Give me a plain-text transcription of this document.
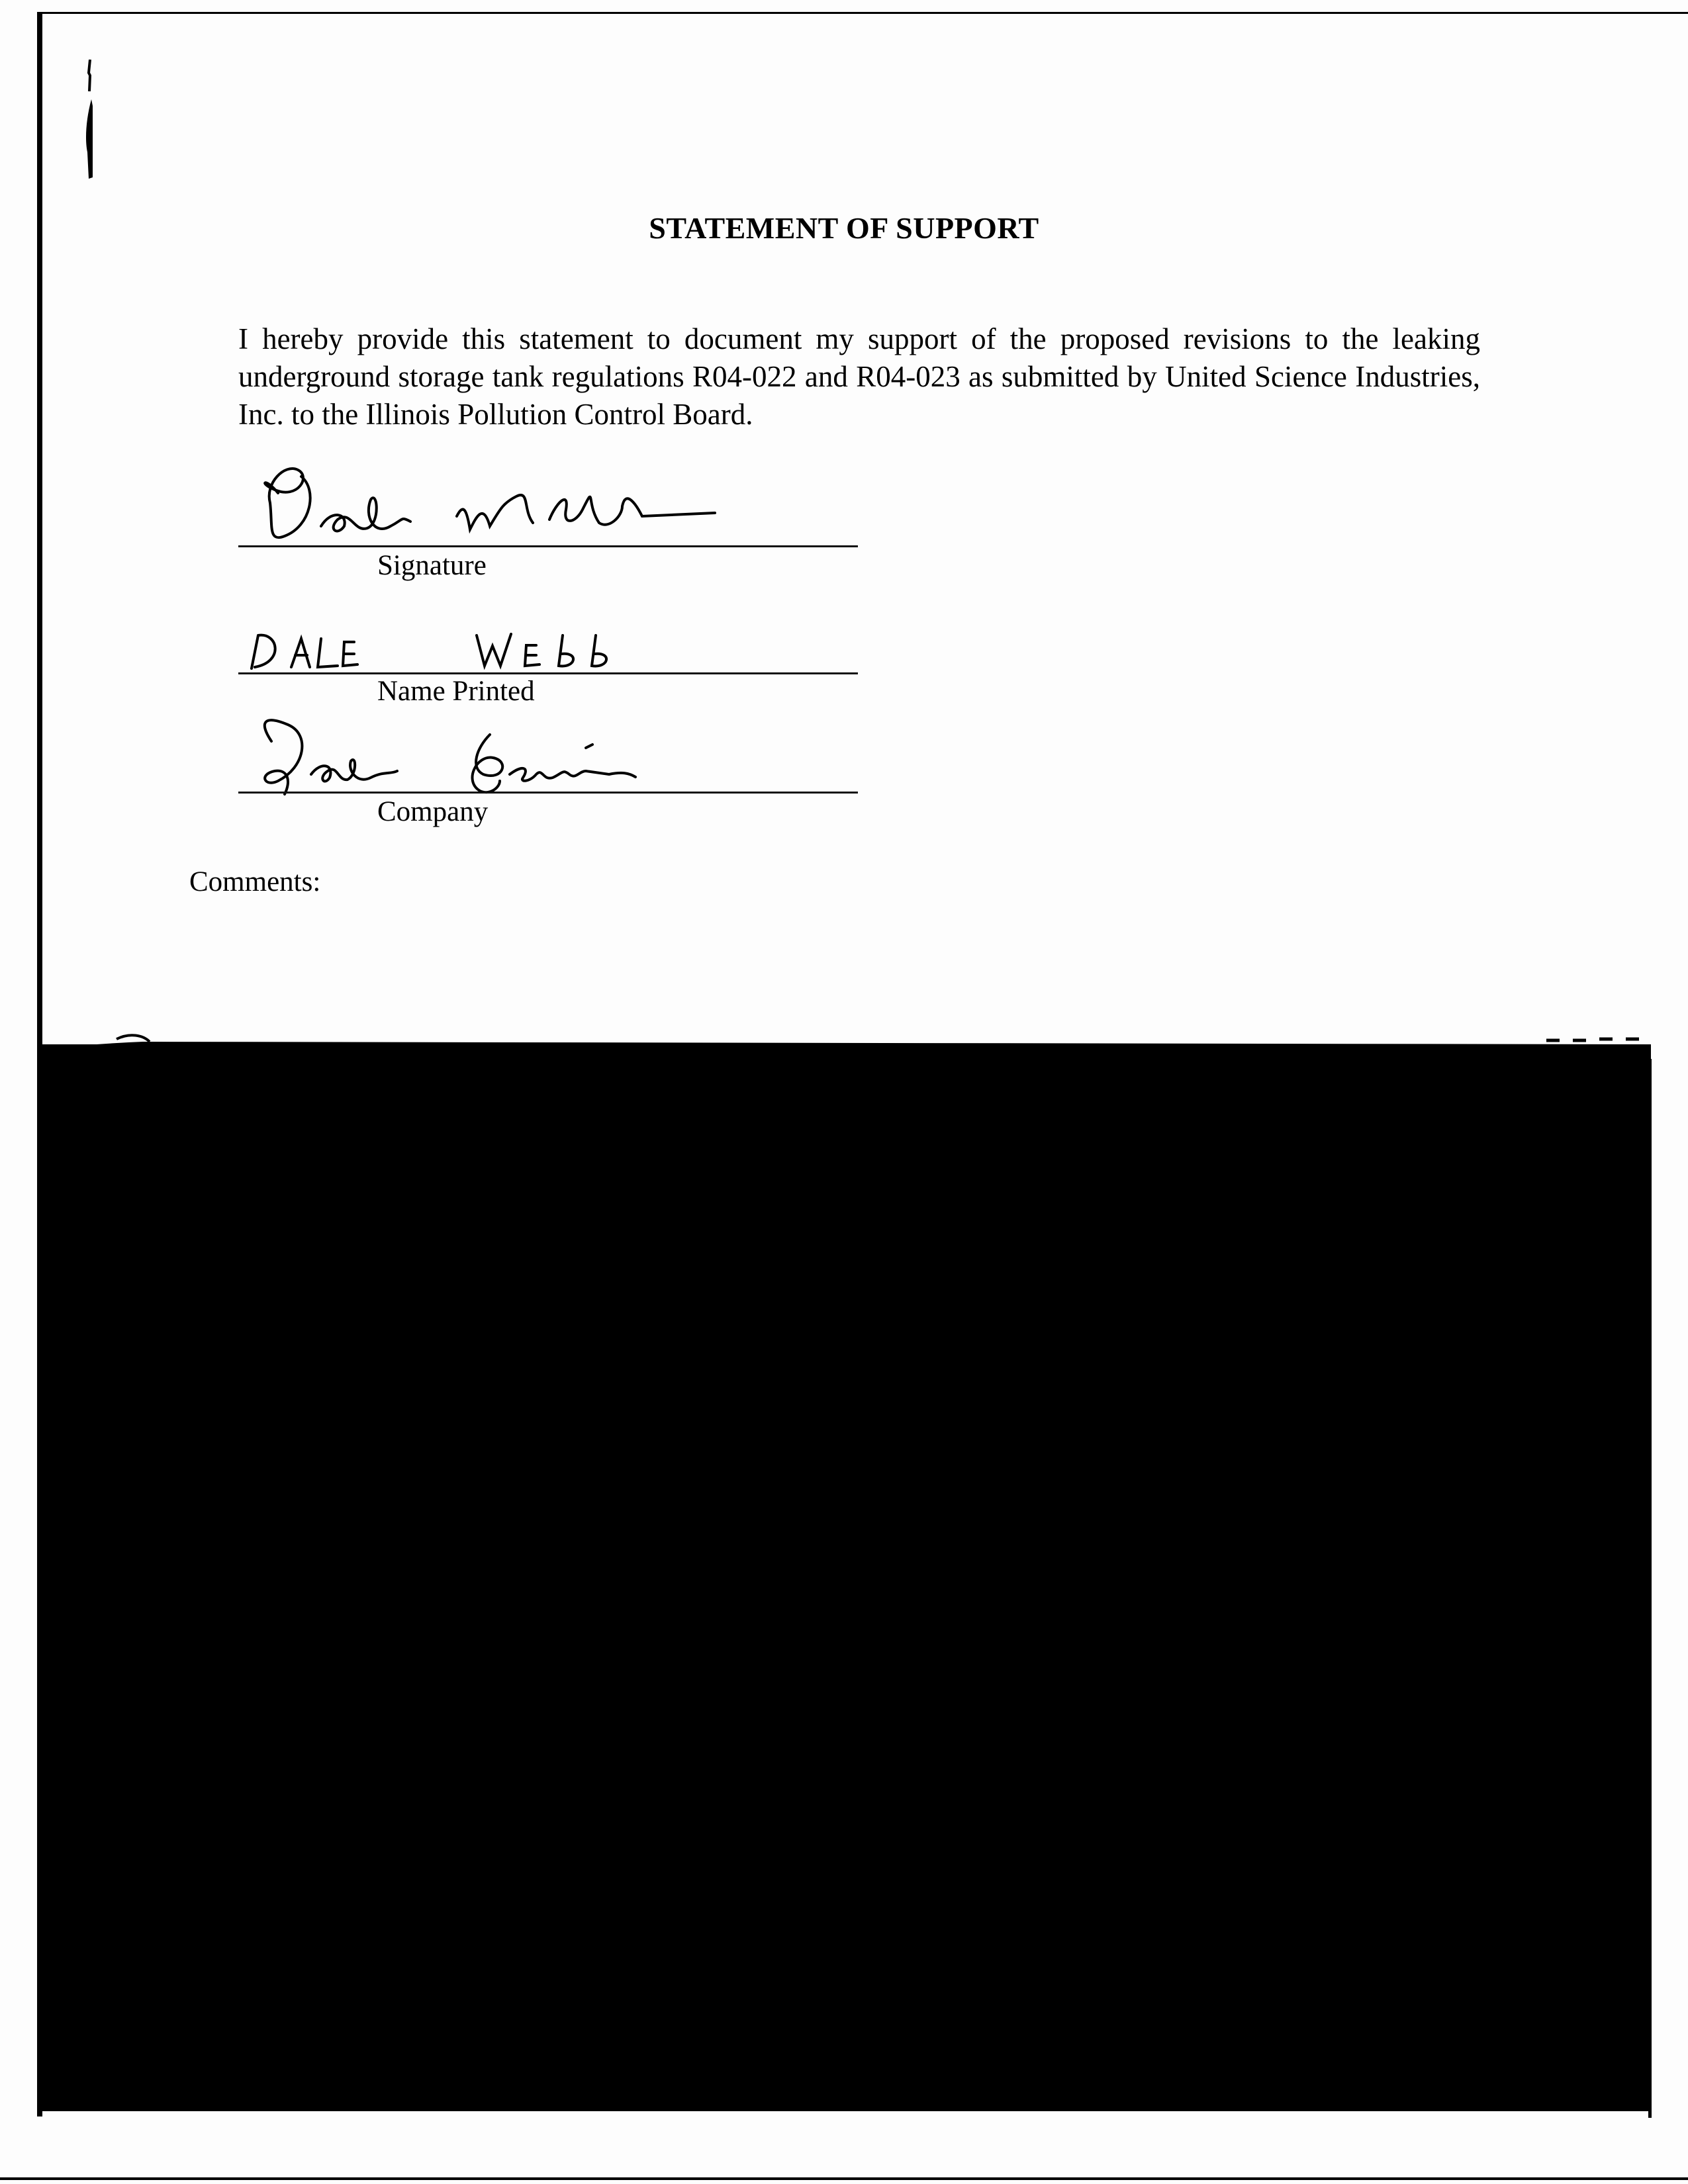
STATEMENT OF SUPPORT

I hereby provide this statement to document my support of the proposed revisions to the leaking underground storage tank regulations R04-022 and R04-023 as submitted by United Science Industries, Inc. to the Illinois Pollution Control Board.

Signature
Name Printed
Company
Comments:
